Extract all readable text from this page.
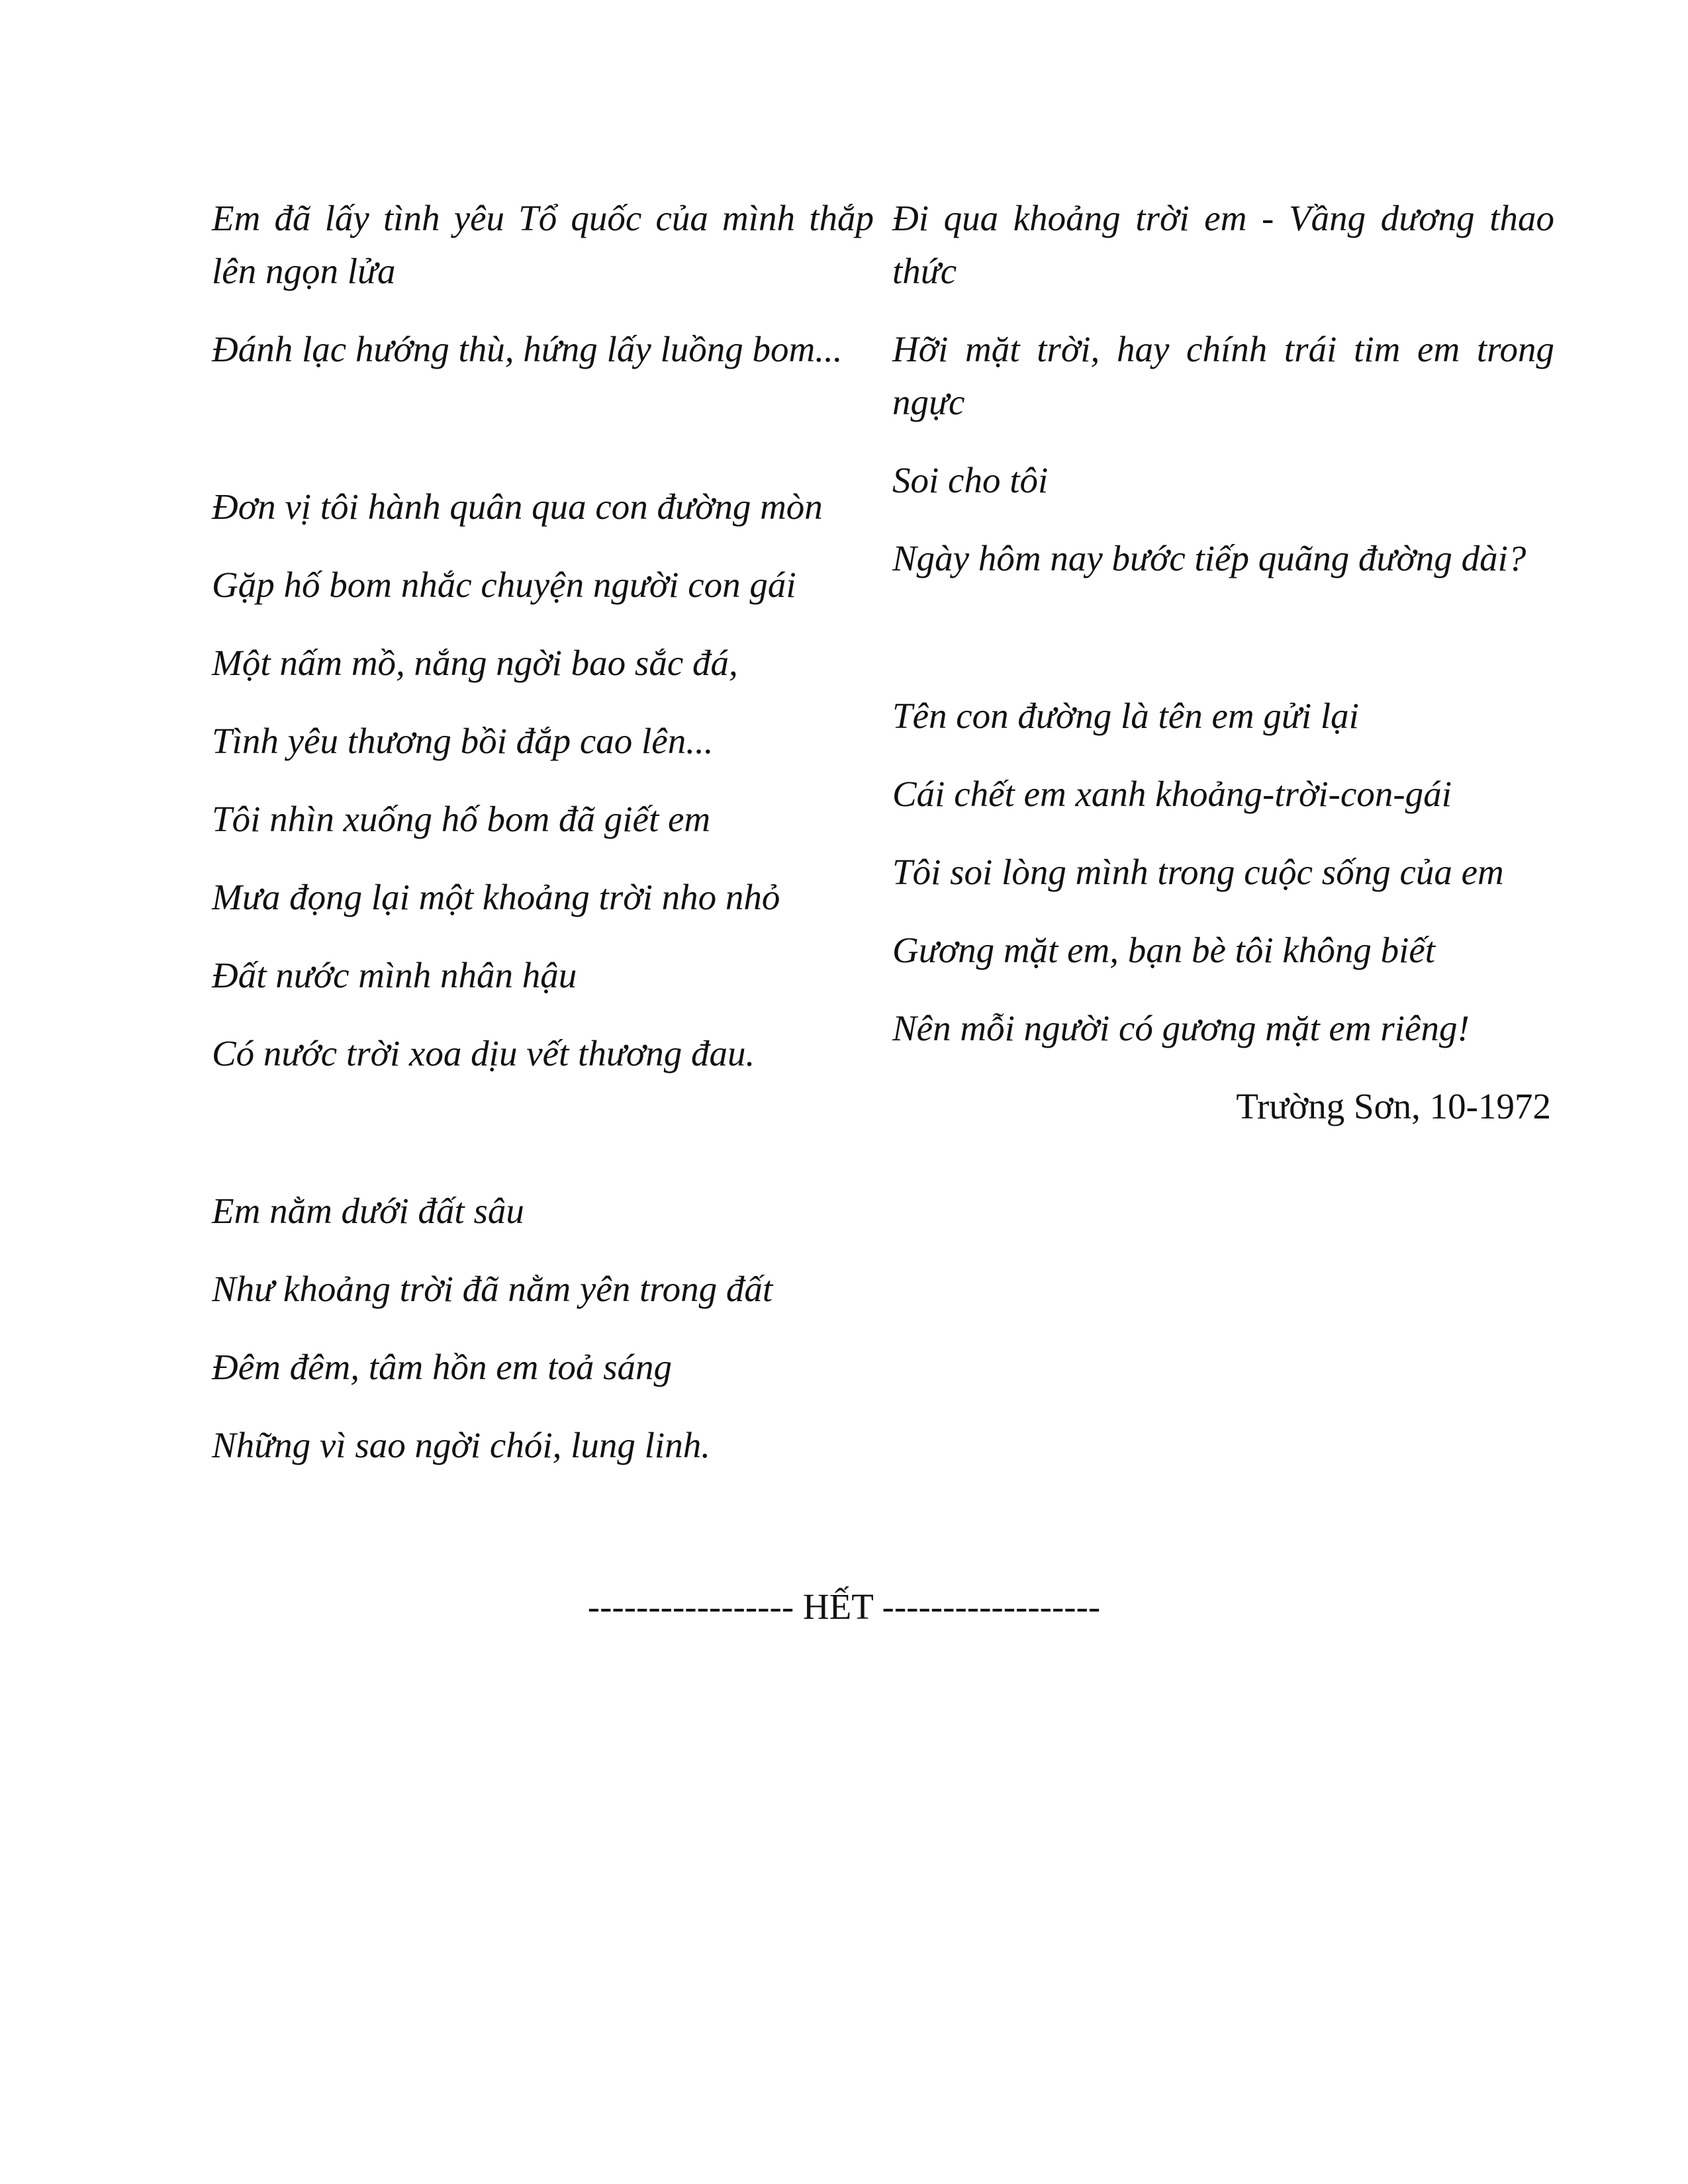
Em đã lấy tình yêu Tổ quốc của mình thắp lên ngọn lửa
Đánh lạc hướng thù, hứng lấy luồng bom...
Đơn vị tôi hành quân qua con đường mòn
Gặp hố bom nhắc chuyện người con gái
Một nấm mồ, nắng ngời bao sắc đá,
Tình yêu thương bồi đắp cao lên...
Tôi nhìn xuống hố bom đã giết em
Mưa đọng lại một khoảng trời nho nhỏ
Đất nước mình nhân hậu
Có nước trời xoa dịu vết thương đau.
Em nằm dưới đất sâu
Như khoảng trời đã nằm yên trong đất
Đêm đêm, tâm hồn em toả sáng
Những vì sao ngời chói, lung linh.
Đi qua khoảng trời em - Vầng dương thao thức
Hỡi mặt trời, hay chính trái tim em trong ngực
Soi cho tôi
Ngày hôm nay bước tiếp quãng đường dài?
Tên con đường là tên em gửi lại
Cái chết em xanh khoảng-trời-con-gái
Tôi soi lòng mình trong cuộc sống của em
Gương mặt em, bạn bè tôi không biết
Nên mỗi người có gương mặt em riêng!
Trường Sơn, 10-1972
----------------- HẾT ------------------
